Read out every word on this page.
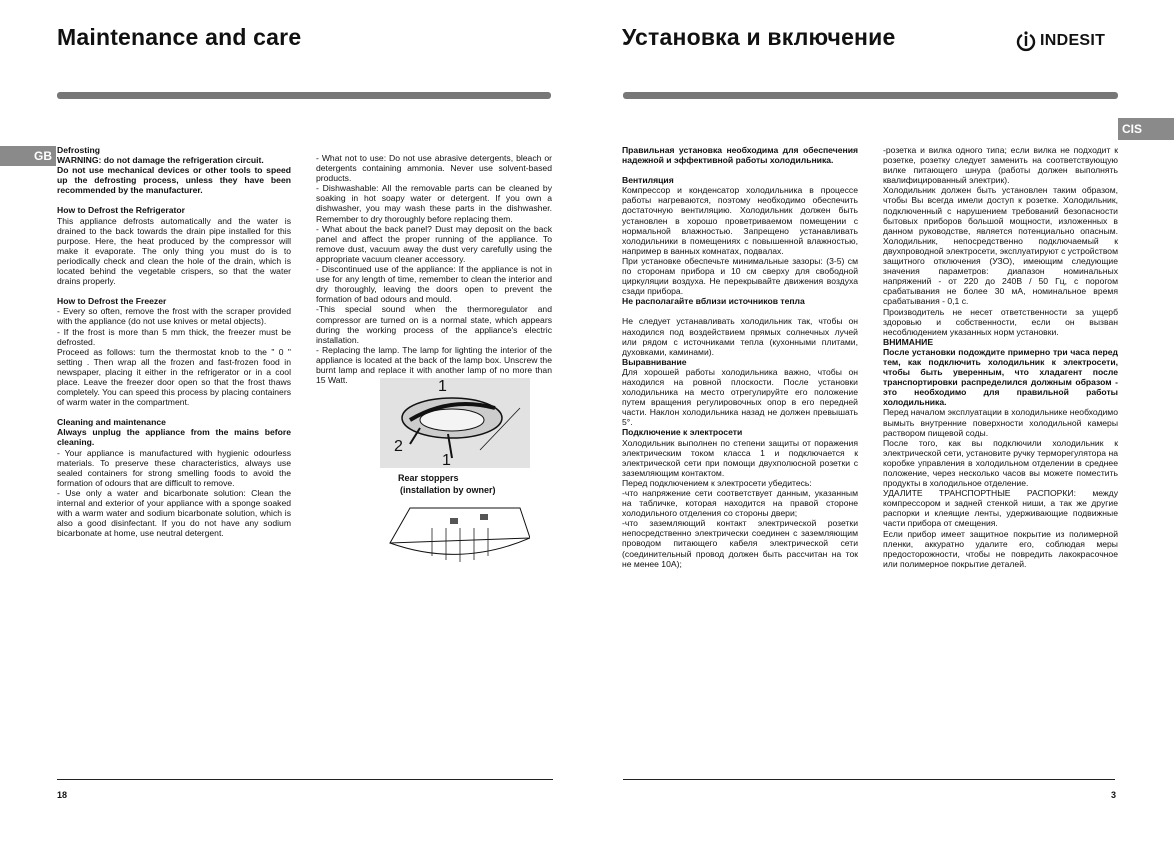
Maintenance and care
GB Defrosting

WARNING: do not damage the refrigeration circuit.

Do not use mechanical devices or other tools to speed up the defrosting process, unless they have been recommended by the manufacturer.

How to Defrost the Refrigerator

This appliance defrosts automatically and the water is drained to the back towards the drain pipe installed for this purpose. Here, the heat produced by the compressor will make it evaporate. The only thing you must do is to periodically check and clean the hole of the drain, which is located behind the vegetable crispers, so that the water drains properly.

How to Defrost the Freezer

- Every so often, remove the frost with the scraper provided with the appliance (do not use knives or metal objects).

- If the frost is more than 5 mm thick, the freezer must be defrosted.

Proceed as follows: turn the thermostat knob to the " 0 " setting . Then wrap all the frozen and fast-frozen food in newspaper, placing it either in the refrigerator or in a cool place. Leave the freezer door open so that the frost thaws completely. You can speed this process by placing containers of warm water in the compartment.

Cleaning and maintenance

Always unplug the appliance from the mains before cleaning.

- Your appliance is manufactured with hygienic odourless materials. To preserve these characteristics, always use sealed containers for strong smelling foods to avoid the formation of odours that are difficult to remove.

- Use only a water and bicarbonate solution: Clean the internal and exterior of your appliance with a sponge soaked with a warm water and sodium bicarbonate solution, which is also a good disinfectant. If you do not have any sodium bicarbonate at home, use neutral detergent.

- What not to use: Do not use abrasive detergents, bleach or detergents containing ammonia. Never use solvent-based products.

- Dishwashable: All the removable parts can be cleaned by soaking in hot soapy water or detergent. If you own a dishwasher, you may wash these parts in the dishwasher. Remember to dry thoroughly before replacing them.

- What about the back panel? Dust may deposit on the back panel and affect the proper running of the appliance. To remove dust, vacuum away the dust very carefully using the appropriate vacuum cleaner accessory.

- Discontinued use of the appliance: If the appliance is not in use for any length of time, remember to clean the interior and dry thoroughly, leaving the doors open to prevent the formation of bad odours and mould.

-This special sound when the thermoregulator and compressor are turned on is a normal state, which appears during the working process of the appliance's electric installation.

- Replacing the lamp. The lamp for lighting the interior of the appliance is located at the back of the lamp box. Unscrew the burnt lamp and replace it with another lamp of no more than 15 Watt.	1
2
1
Rear stoppers
(installation by owner)
18
Установка и включение	INDESIT
CIS

Правильная установка необходима для обеспечения надежной и эффективной работы холодильника.

Вентиляция

Компрессор и конденсатор холодильника в процессе работы нагреваются, поэтому необходимо обеспечить достаточную вентиляцию. Холодильник должен быть установлен в хорошо проветриваемом помещении с нормальной влажностью. Запрещено устанавливать холодильники в помещениях с повышенной влажностью, например в ванных комнатах, подвалах.

При установке обеспечьте минимальные зазоры: (3-5) см по сторонам прибора и 10 см сверху для свободной циркуляции воздуха. Не перекрывайте движения воздуха сзади прибора.

Не располагайте вблизи источников тепла

Не следует устанавливать холодильник так, чтобы он находился под воздействием прямых солнечных лучей или рядом с источниками тепла (кухонными плитами, духовками, каминами).

Выравнивание

Для хорошей работы холодильника важно, чтобы он находился на ровной плоскости. После установки холодильника на место отрегулируйте его положение путем вращения регулировочных опор в его передней части. Наклон холодильника назад не должен превышать 5°.

Подключение к электросети

Холодильник выполнен по степени защиты от поражения электрическим током класса 1 и подключается к электрической сети при помощи двухполюсной розетки с заземляющим контактом.

Перед подключением к электросети убедитесь:

-что напряжение сети соответствует данным, указанным на табличке, которая находится на правой стороне холодильного отделения со стороны двери;

-что заземляющий контакт электрической розетки непосредственно электрически соединен с заземляющим проводом питающего кабеля электрической сети (соединительный провод должен быть рассчитан на ток не менее 10А);

-розетка и вилка одного типа; если вилка не подходит к розетке, розетку следует заменить на соответствующую вилке питающего шнура (работы должен выполнять квалифицированный электрик).

Холодильник должен быть установлен таким образом, чтобы Вы всегда имели доступ к розетке. Холодильник, подключенный с нарушением требований безопасности бытовых приборов большой мощности, изложенных в данном руководстве, является потенциально опасным. Холодильник, непосредственно подключаемый к двухпроводной электросети, эксплуатируют с устройством защитного отключения (УЗО), имеющим следующие значения параметров: диапазон номинальных напряжений - от 220 до 240В / 50 Гц, с порогом срабатывания не более 30 мА, номинальное время срабатывания - 0,1 с.

Производитель не несет ответственности за ущерб здоровью и собственности, если он вызван несоблюдением указанных норм установки.

ВНИМАНИЕ

После установки подождите примерно три часа перед тем, как подключить холодильник к электросети, чтобы быть уверенным, что хладагент после транспортировки распределился должным образом - это необходимо для правильной работы холодильника.

Перед началом эксплуатации в холодильнике необходимо вымыть внутренние поверхности холодильной камеры раствором пищевой соды.

После того, как вы подключили холодильник к электрической сети, установите ручку терморегулятора на коробке управления в холодильном отделении в среднее положение, через несколько часов вы можете поместить продукты в холодильное отделение.

УДАЛИТЕ ТРАНСПОРТНЫЕ РАСПОРКИ: между компрессором и задней стенкой ниши, а так же другие распорки и клеящие ленты, удерживающие подвижные части прибора от смещения.

Если прибор имеет защитное покрытие из полимерной пленки, аккуратно удалите его, соблюдая меры предосторожности, чтобы не повредить лакокрасочное или полимерное покрытие деталей.

3
